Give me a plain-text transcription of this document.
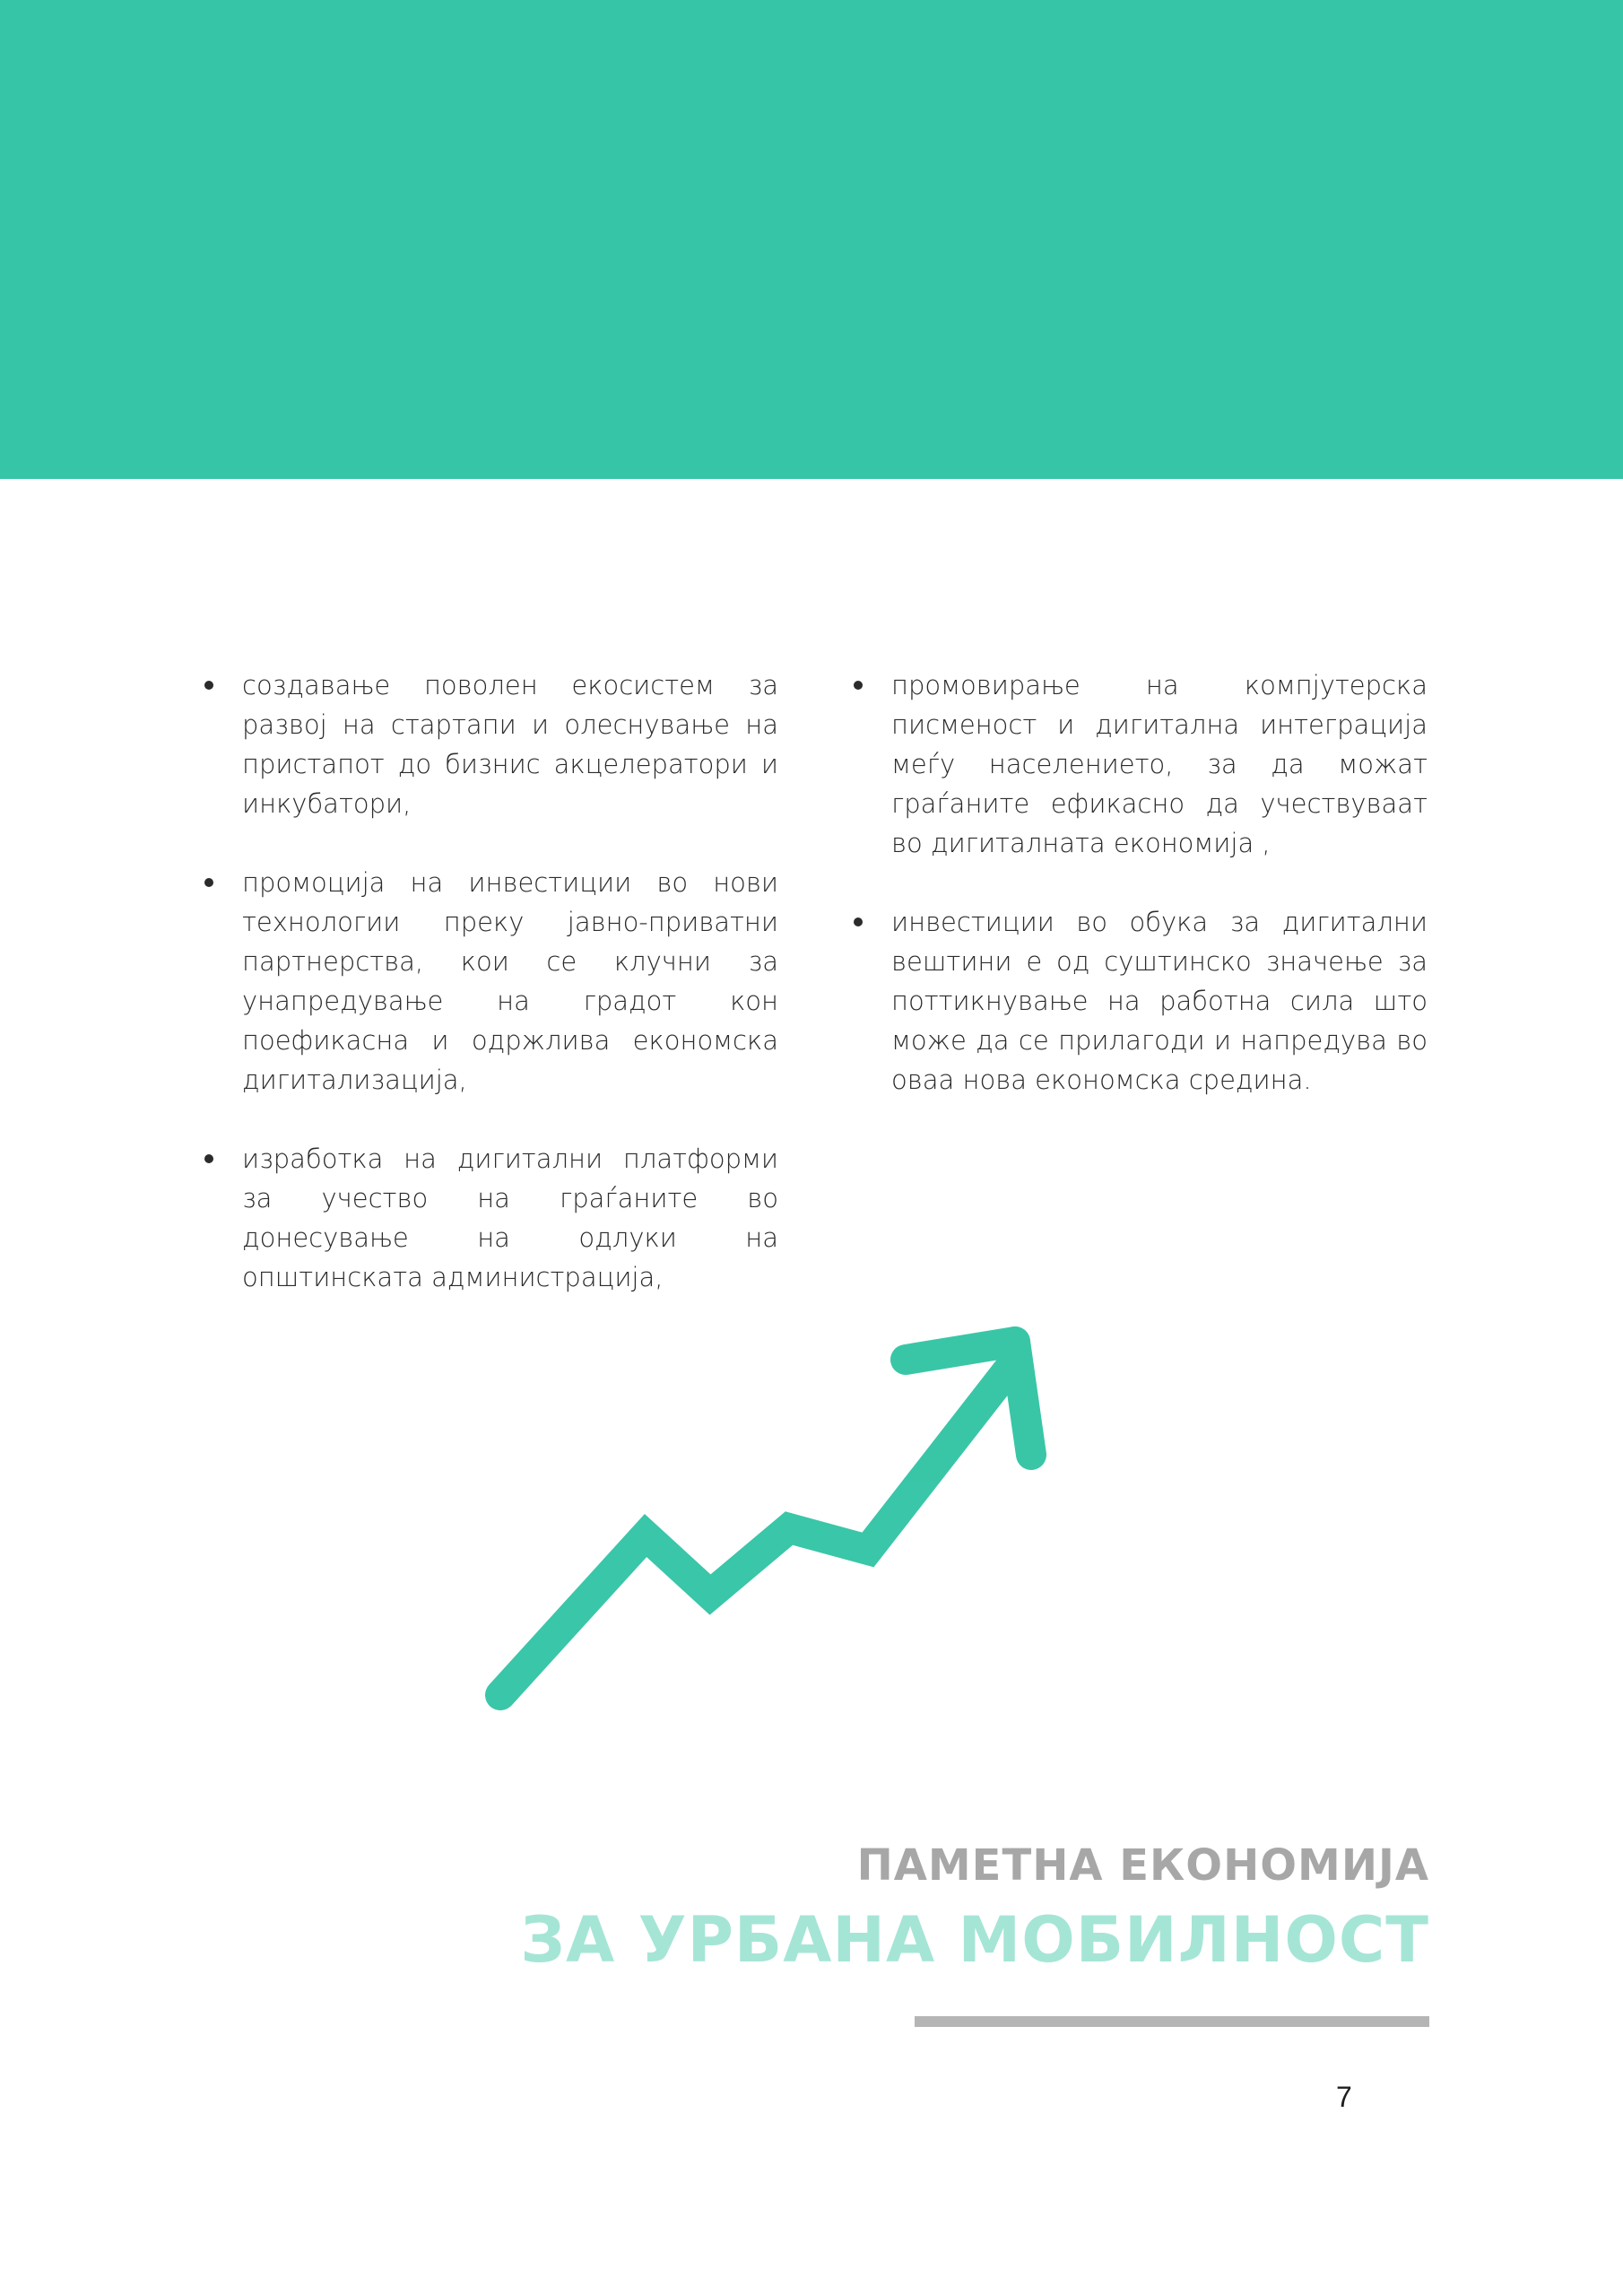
создавање поволен екосистем за развој на стартапи и олеснување на пристапот до бизнис акцелератори и инкубатори,
промоција на инвестиции во нови технологии преку јавно-приватни партнерства, кои се клучни за унапредување на градот кон поефикасна и одржлива економска дигитализација,
изработка на дигитални платформи за учество на граѓаните во донесување на одлуки на општинската администрација,
промовирање на компјутерска писменост и дигитална интеграција меѓу населението, за да можат граѓаните ефикасно да учествуваат во дигиталната економија ,
инвестиции во обука за дигитални вештини е од суштинско значење за поттикнување на работна сила што може да се прилагоди и напредува во оваа нова економска средина.
ПАМЕТНА ЕКОНОМИЈА
ЗА УРБАНА МОБИЛНОСТ
7
